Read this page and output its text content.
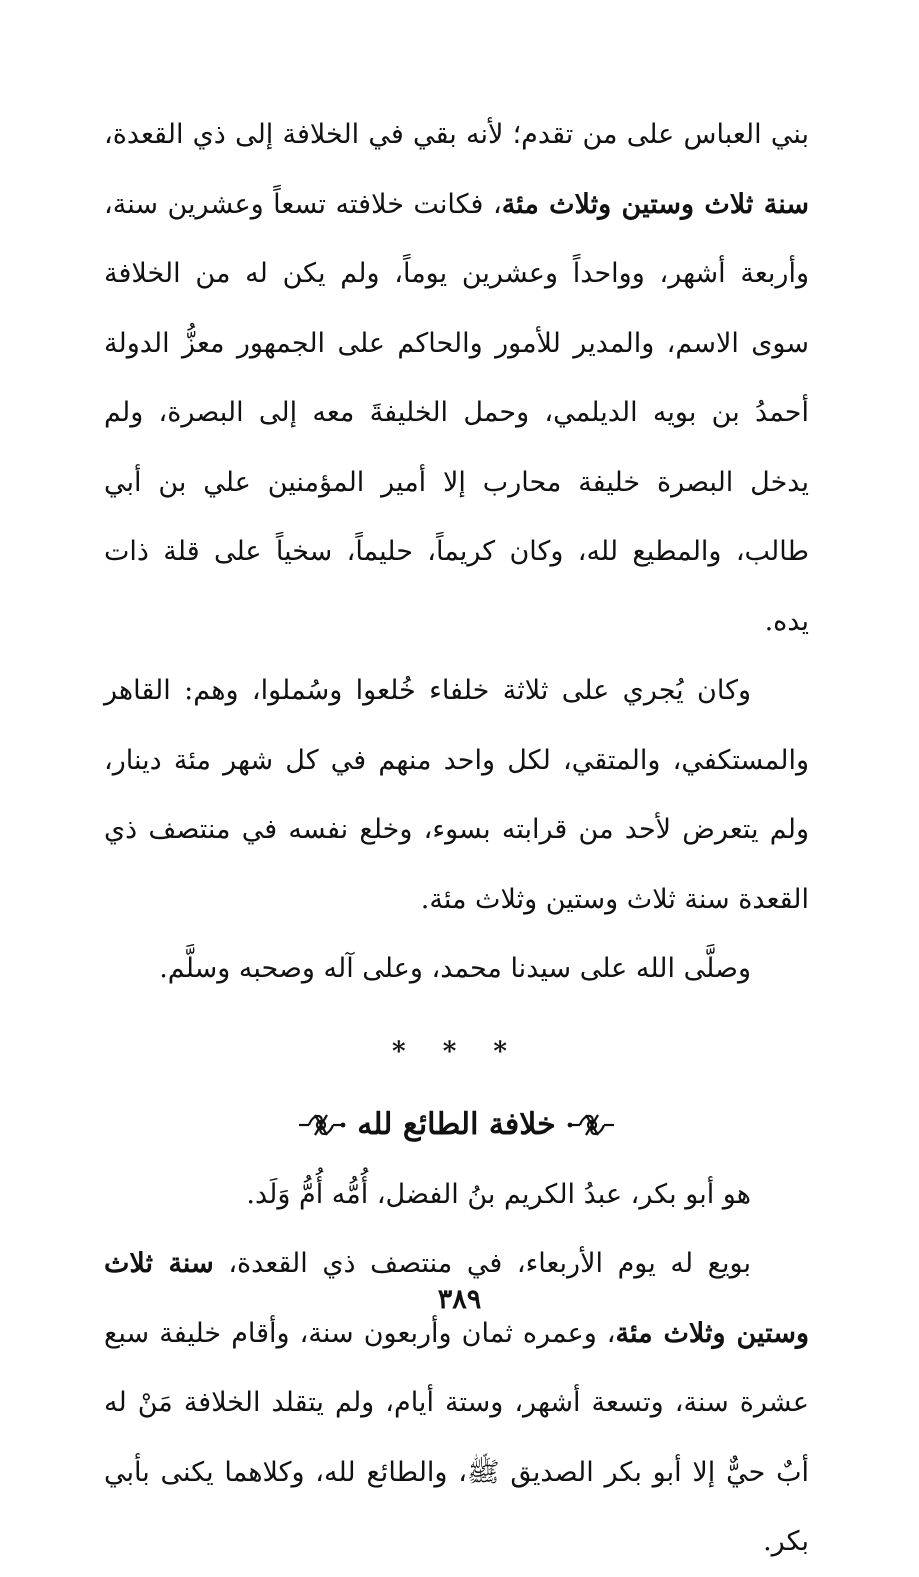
بني العباس على من تقدم؛ لأنه بقي في الخلافة إلى ذي القعدة، سنة ثلاث وستين وثلاث مئة، فكانت خلافته تسعاً وعشرين سنة، وأربعة أشهر، وواحداً وعشرين يوماً، ولم يكن له من الخلافة سوى الاسم، والمدير للأمور والحاكم على الجمهور معزُّ الدولة أحمدُ بن بويه الديلمي، وحمل الخليفةَ معه إلى البصرة، ولم يدخل البصرة خليفة محارب إلا أمير المؤمنين علي بن أبي طالب، والمطيع لله، وكان كريماً، حليماً، سخياً على قلة ذات يده.

وكان يُجري على ثلاثة خلفاء خُلعوا وسُملوا، وهم: القاهر والمستكفي، والمتقي، لكل واحد منهم في كل شهر مئة دينار، ولم يتعرض لأحد من قرابته بسوء، وخلع نفسه في منتصف ذي القعدة سنة ثلاث وستين وثلاث مئة.

وصلَّى الله على سيدنا محمد، وعلى آله وصحبه وسلَّم.

* * *
خلافة الطائع لله

هو أبو بكر، عبدُ الكريم بنُ الفضل، أُمُّه أُمُّ وَلَد.

بويع له يوم الأربعاء، في منتصف ذي القعدة، سنة ثلاث وستين وثلاث مئة، وعمره ثمان وأربعون سنة، وأقام خليفة سبع عشرة سنة، وتسعة أشهر، وستة أيام، ولم يتقلد الخلافة مَنْ له أبٌ حيٌّ إلا أبو بكر الصديق ﷺ، والطائع لله، وكلاهما يكنى بأبي بكر.

٣٨٩
